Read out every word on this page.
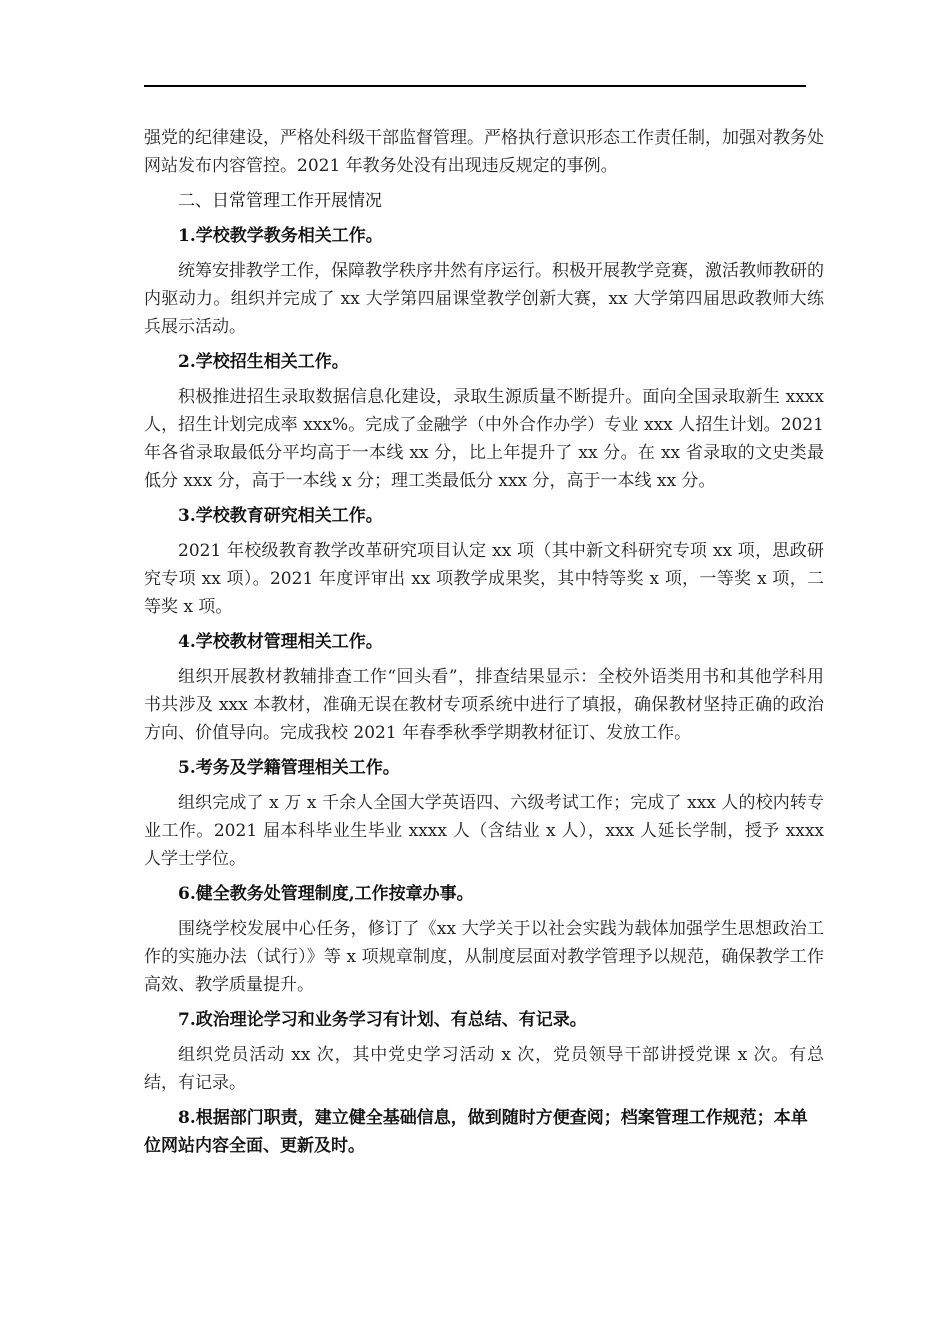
强党的纪律建设，严格处科级干部监督管理。严格执行意识形态工作责任制，加强对教务处网站发布内容管控。2021 年教务处没有出现违反规定的事例。

二、日常管理工作开展情况

1.学校教学教务相关工作。

统筹安排教学工作，保障教学秩序井然有序运行。积极开展教学竞赛，激活教师教研的内驱动力。组织并完成了 xx 大学第四届课堂教学创新大赛，xx 大学第四届思政教师大练兵展示活动。

2.学校招生相关工作。

积极推进招生录取数据信息化建设，录取生源质量不断提升。面向全国录取新生 xxxx 人，招生计划完成率 xxx%。完成了金融学（中外合作办学）专业 xxx 人招生计划。2021 年各省录取最低分平均高于一本线 xx 分，比上年提升了 xx 分。在 xx 省录取的文史类最低分 xxx 分，高于一本线 x 分；理工类最低分 xxx 分，高于一本线 xx 分。

3.学校教育研究相关工作。

2021 年校级教育教学改革研究项目认定 xx 项（其中新文科研究专项 xx 项，思政研究专项 xx 项）。2021 年度评审出 xx 项教学成果奖，其中特等奖 x 项，一等奖 x 项，二等奖 x 项。

4.学校教材管理相关工作。

组织开展教材教辅排查工作“回头看”，排查结果显示：全校外语类用书和其他学科用书共涉及 xxx 本教材，准确无误在教材专项系统中进行了填报，确保教材坚持正确的政治方向、价值导向。完成我校 2021 年春季秋季学期教材征订、发放工作。

5.考务及学籍管理相关工作。

组织完成了 x 万 x 千余人全国大学英语四、六级考试工作；完成了 xxx 人的校内转专业工作。2021 届本科毕业生毕业 xxxx 人（含结业 x 人），xxx 人延长学制，授予 xxxx 人学士学位。

6.健全教务处管理制度,工作按章办事。

围绕学校发展中心任务，修订了《xx 大学关于以社会实践为载体加强学生思想政治工作的实施办法（试行）》等 x 项规章制度，从制度层面对教学管理予以规范，确保教学工作高效、教学质量提升。

7.政治理论学习和业务学习有计划、有总结、有记录。

组织党员活动 xx 次，其中党史学习活动 x 次，党员领导干部讲授党课 x 次。有总结，有记录。

8.根据部门职责，建立健全基础信息，做到随时方便查阅；档案管理工作规范；本单位网站内容全面、更新及时。
